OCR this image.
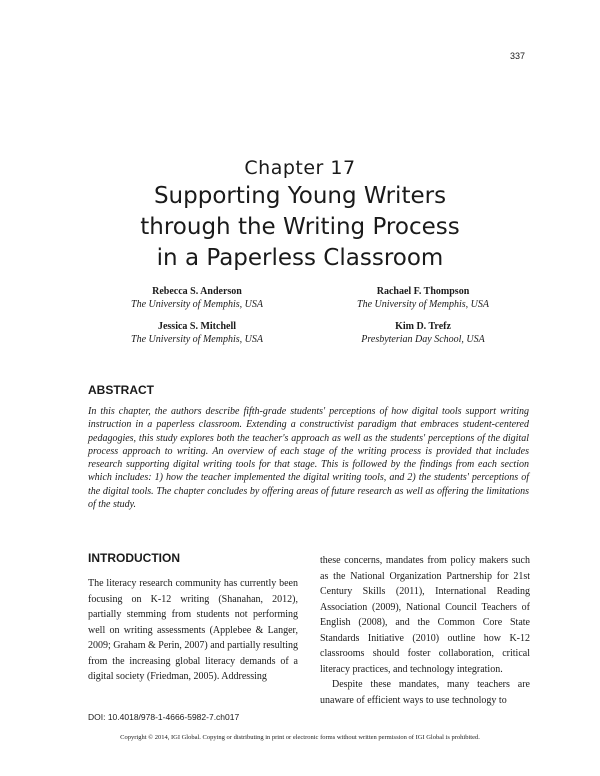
337
Chapter 17
Supporting Young Writers
through the Writing Process
in a Paperless Classroom
Rebecca S. Anderson
The University of Memphis, USA
Rachael F. Thompson
The University of Memphis, USA
Jessica S. Mitchell
The University of Memphis, USA
Kim D. Trefz
Presbyterian Day School, USA
ABSTRACT
In this chapter, the authors describe fifth-grade students' perceptions of how digital tools support writing instruction in a paperless classroom. Extending a constructivist paradigm that embraces student-centered pedagogies, this study explores both the teacher's approach as well as the students' perceptions of the digital process approach to writing. An overview of each stage of the writing process is provided that includes research supporting digital writing tools for that stage. This is followed by the findings from each section which includes: 1) how the teacher implemented the digital writing tools, and 2) the students' perceptions of the digital tools. The chapter concludes by offering areas of future research as well as offering the limitations of the study.
INTRODUCTION

The literacy research community has currently been focusing on K-12 writing (Shanahan, 2012), partially stemming from students not performing well on writing assessments (Applebee & Langer, 2009; Graham & Perin, 2007) and partially resulting from the increasing global literacy demands of a digital society (Friedman, 2005). Addressing

these concerns, mandates from policy makers such as the National Organization Partnership for 21st Century Skills (2011), International Reading Association (2009), National Council Teachers of English (2008), and the Common Core State Standards Initiative (2010) outline how K-12 classrooms should foster collaboration, critical literacy practices, and technology integration.

Despite these mandates, many teachers are unaware of efficient ways to use technology to

DOI: 10.4018/978-1-4666-5982-7.ch017
Copyright © 2014, IGI Global. Copying or distributing in print or electronic forms without written permission of IGI Global is prohibited.
